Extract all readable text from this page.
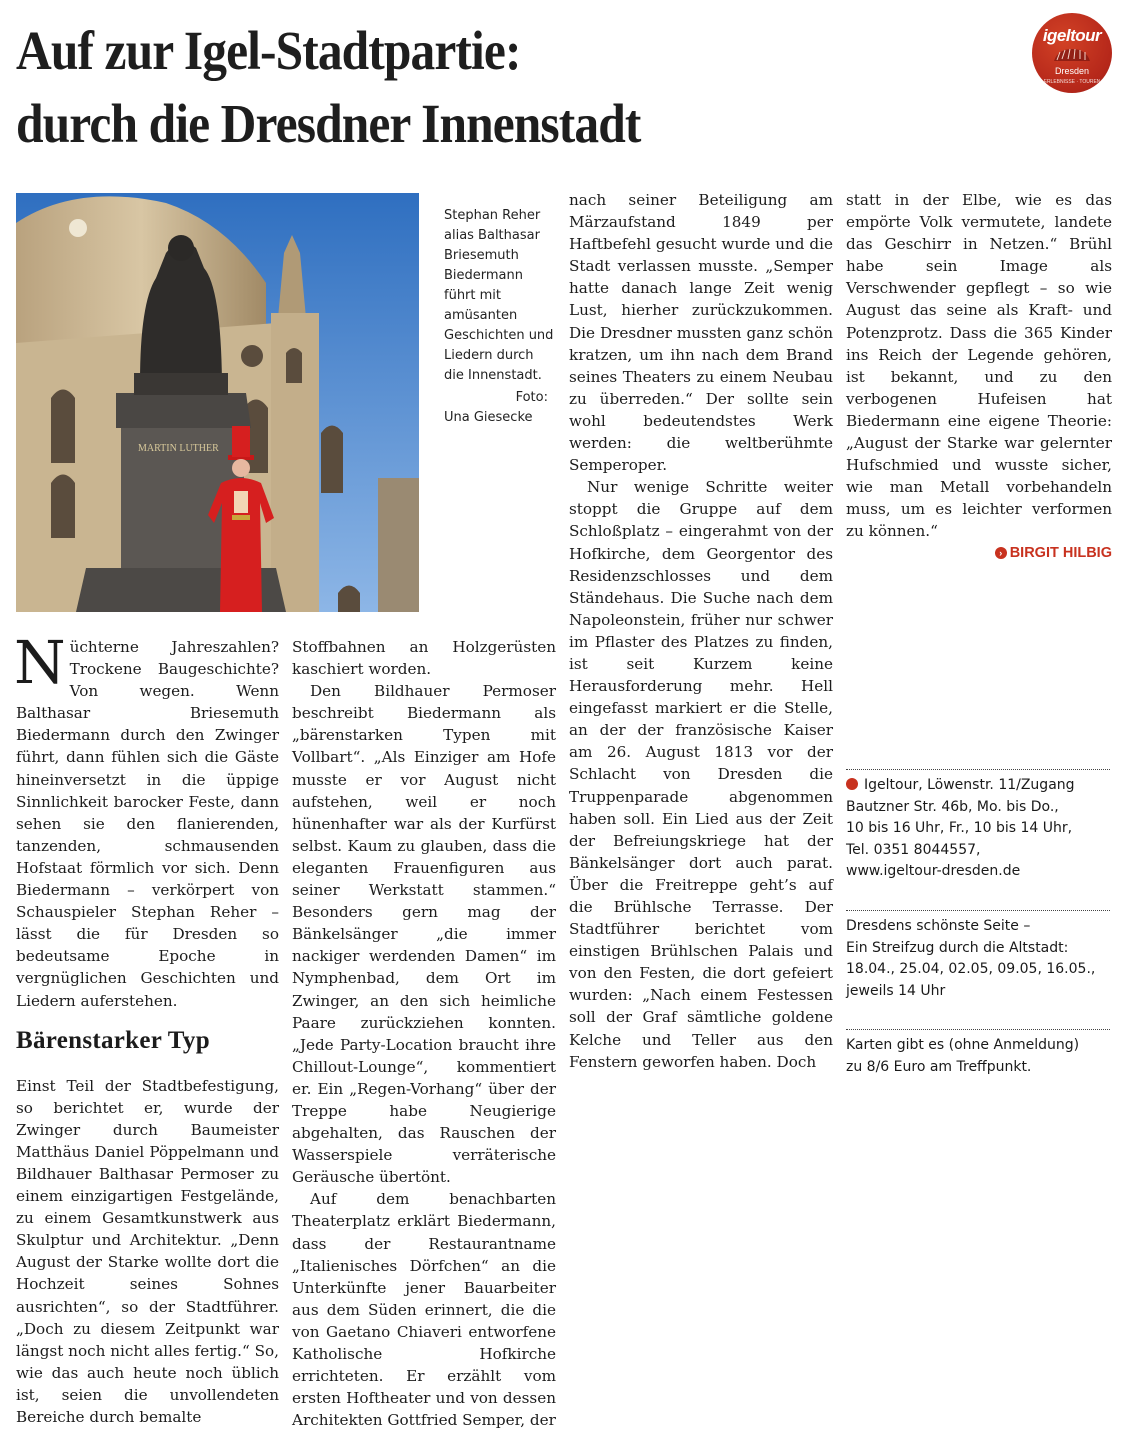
Auf zur Igel-Stadtpartie:
durch die Dresdner Innenstadt
igeltour
Dresden
ERLEBNISSE · TOUREN
MARTIN LUTHER
Stephan Reher alias Balthasar Briesemuth Biedermann führt mit amüsanten Geschichten und Liedern durch die Innenstadt.
Foto:
Una Giesecke

Nüchterne Jahreszahlen? Trockene Baugeschichte? Von wegen. Wenn Balthasar Briesemuth Biedermann durch den Zwinger führt, dann fühlen sich die Gäste hineinversetzt in die üppige Sinnlichkeit barocker Feste, dann sehen sie den flanierenden, tanzenden, schmausenden Hofstaat förmlich vor sich. Denn Biedermann – verkörpert von Schauspieler Stephan Reher – lässt die für Dresden so bedeutsame Epoche in vergnüglichen Geschichten und Liedern auferstehen.

Bärenstarker Typ

Einst Teil der Stadtbefestigung, so berichtet er, wurde der Zwinger durch Baumeister Matthäus Daniel Pöppelmann und Bildhauer Balthasar Permoser zu einem einzigartigen Festgelände, zu einem Gesamtkunstwerk aus Skulptur und Architektur. „Denn August der Starke wollte dort die Hochzeit seines Sohnes ausrichten“, so der Stadtführer. „Doch zu diesem Zeitpunkt war längst noch nicht alles fertig.“ So, wie das auch heute noch üblich ist, seien die unvollendeten Bereiche durch bemalte

Stoffbahnen an Holzgerüsten kaschiert worden.

Den Bildhauer Permoser beschreibt Biedermann als „bärenstarken Typen mit Vollbart“. „Als Einziger am Hofe musste er vor August nicht aufstehen, weil er noch hünenhafter war als der Kurfürst selbst. Kaum zu glauben, dass die eleganten Frauenfiguren aus seiner Werkstatt stammen.“ Besonders gern mag der Bänkelsänger „die immer nackiger werdenden Damen“ im Nymphenbad, dem Ort im Zwinger, an den sich heimliche Paare zurückziehen konnten. „Jede Party-Location braucht ihre Chillout-Lounge“, kommentiert er. Ein „Regen-Vorhang“ über der Treppe habe Neugierige abgehalten, das Rauschen der Wasserspiele verräterische Geräusche übertönt.

Auf dem benachbarten Theaterplatz erklärt Biedermann, dass der Restaurantname „Italienisches Dörfchen“ an die Unterkünfte jener Bauarbeiter aus dem Süden erinnert, die die von Gaetano Chiaveri entworfene Katholische Hofkirche errichteten. Er erzählt vom ersten Hoftheater und von dessen Architekten Gottfried Semper, der

nach seiner Beteiligung am Märzaufstand 1849 per Haftbefehl gesucht wurde und die Stadt verlassen musste. „Semper hatte danach lange Zeit wenig Lust, hierher zurückzukommen. Die Dresdner mussten ganz schön kratzen, um ihn nach dem Brand seines Theaters zu einem Neubau zu überreden.“ Der sollte sein wohl bedeutendstes Werk werden: die weltberühmte Semperoper.

Nur wenige Schritte weiter stoppt die Gruppe auf dem Schloßplatz – eingerahmt von der Hofkirche, dem Georgentor des Residenzschlosses und dem Ständehaus. Die Suche nach dem Napoleonstein, früher nur schwer im Pflaster des Platzes zu finden, ist seit Kurzem keine Herausforderung mehr. Hell eingefasst markiert er die Stelle, an der der französische Kaiser am 26. August 1813 vor der Schlacht von Dresden die Truppenparade abgenommen haben soll. Ein Lied aus der Zeit der Befreiungskriege hat der Bänkelsänger dort auch parat. Über die Freitreppe geht’s auf die Brühlsche Terrasse. Der Stadtführer berichtet vom einstigen Brühlschen Palais und von den Festen, die dort gefeiert wurden: „Nach einem Festessen soll der Graf sämtliche goldene Kelche und Teller aus den Fenstern geworfen haben. Doch

statt in der Elbe, wie es das empörte Volk vermutete, landete das Geschirr in Netzen.“ Brühl habe sein Image als Verschwender gepflegt – so wie August das seine als Kraft- und Potenzprotz. Dass die 365 Kinder ins Reich der Legende gehören, ist bekannt, und zu den verbogenen Hufeisen hat Biedermann eine eigene Theorie: „August der Starke war gelernter Hufschmied und wusste sicher, wie man Metall vorbehandeln muss, um es leichter verformen zu können.“

› BIRGIT HILBIG

Igeltour, Löwenstr. 11/Zugang
Bautzner Str. 46b, Mo. bis Do.,
10 bis 16 Uhr, Fr., 10 bis 14 Uhr,
Tel. 0351 8044557,
www.igeltour-dresden.de
Dresdens schönste Seite –
Ein Streifzug durch die Altstadt:
18.04., 25.04, 02.05, 09.05, 16.05.,
jeweils 14 Uhr
Karten gibt es (ohne Anmeldung)
zu 8/6 Euro am Treffpunkt.
